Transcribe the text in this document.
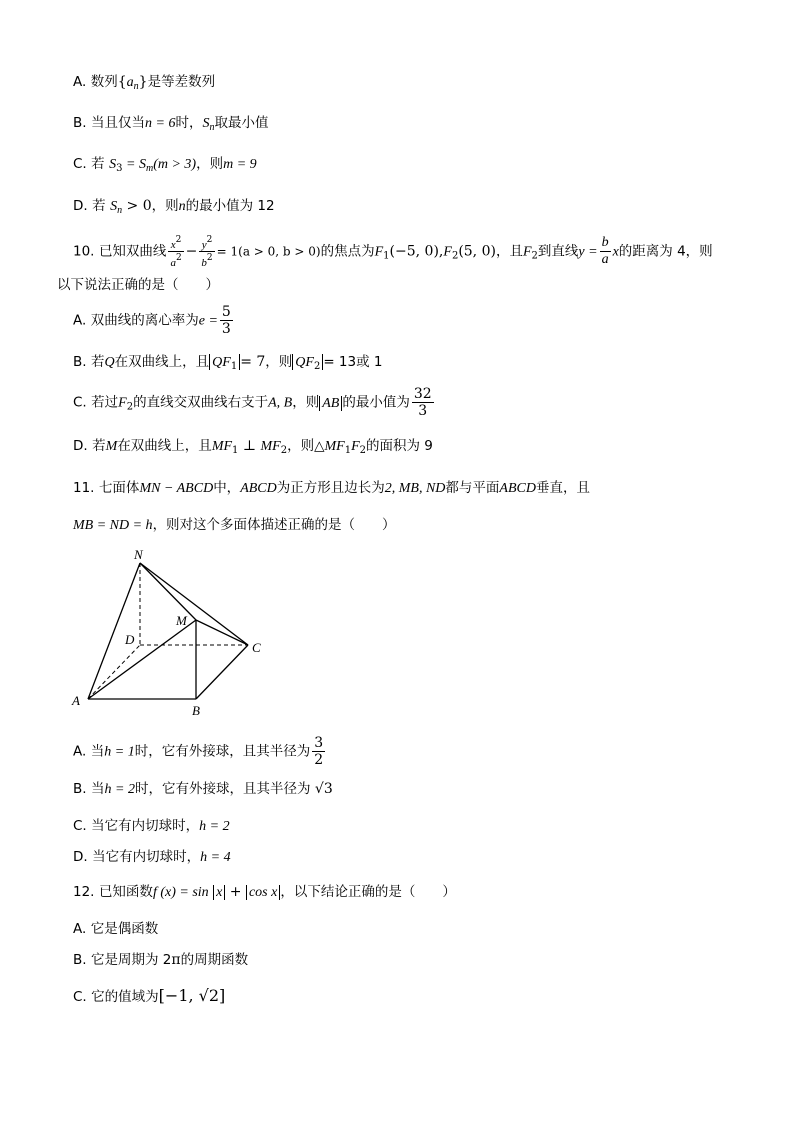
A. 数列$\{a_n\}$是等差数列
B. 当且仅当n = 6时，$S_n$取最小值
C. 若 $S_3 = S_m(m > 3)$，则m = 9
D. 若 $S_n > 0$，则n的最小值为 12
10. 已知双曲线 $\frac{x^2}{a^2} - \frac{y^2}{b^2} = 1(a > 0$, b > 0)的焦点为$F_1(-5$, $0),F_2(5$, 0)，且$F_2$到直线$y = \frac{b}{a}$ x的距离为 4，则
以下说法正确的是（　　）
A. 双曲线的离心率为$e = \frac{5}{3}$
B. 若Q在双曲线上，且 $QF_1 = 7$，则 $QF_2 = 13$或 1
C. 若过$F_2$的直线交双曲线右支于A, B，则 AB 的最小值为 $\frac{32}{3}$
D. 若M在双曲线上，且$MF_1$ ⊥ $MF_2$，则$\triangle MF_1F_2$的面积为 9
11. 七面体MN − ABCD中，ABCD为正方形且边长为2, MB, ND都与平面ABCD垂直，且
MB = ND = h，则对这个多面体描述正确的是（　　）
N
M
D
C
A
B
A. 当h = 1时，它有外接球，且其半径为 $\frac{3}{2}$
B. 当h = 2时，它有外接球，且其半径为 √3
C. 当它有内切球时，h = 2
D. 当它有内切球时，h = 4
12. 已知函数f (x) = sin x + cos x ，以下结论正确的是（　　）
A. 它是偶函数
B. 它是周期为 2π的周期函数
C. 它的值域为[−1, √2]
